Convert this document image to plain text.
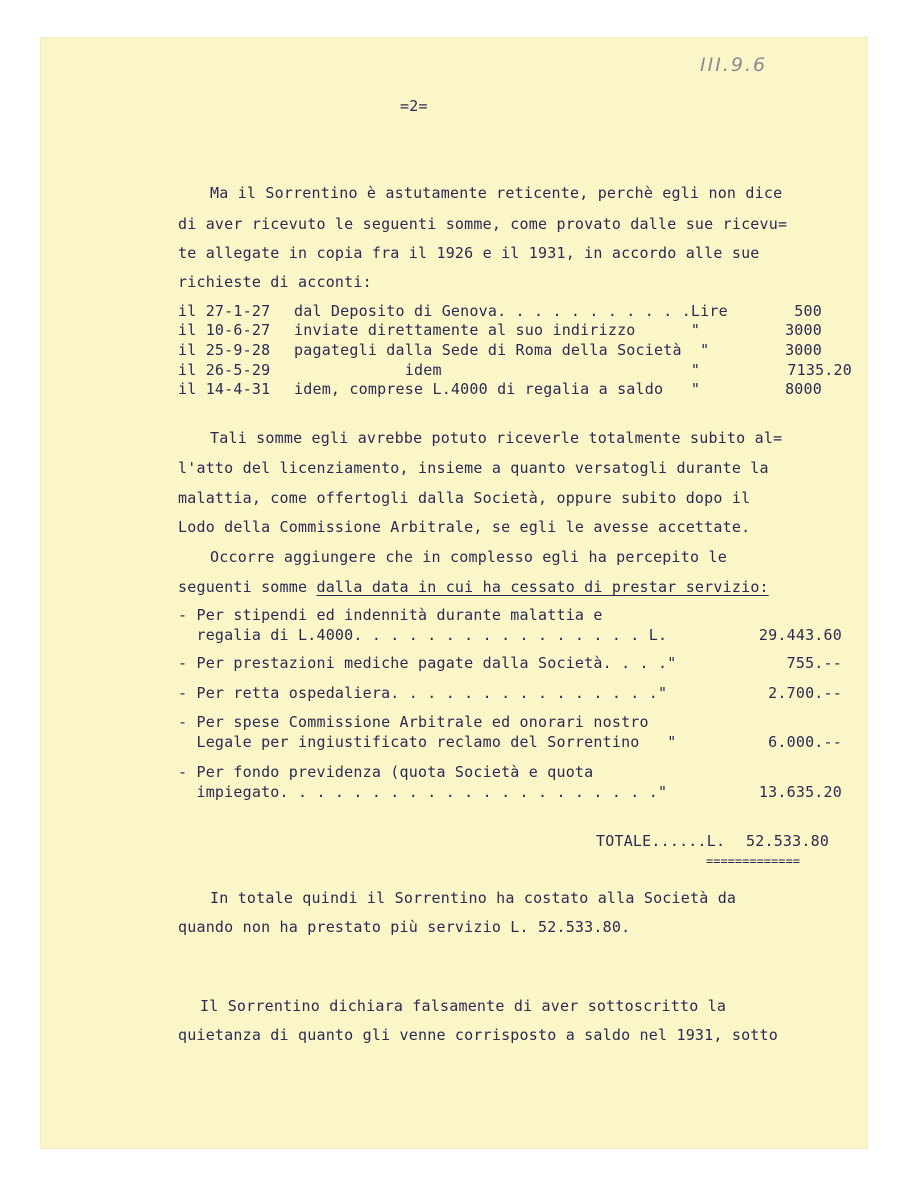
III.9.6
=2=
Ma il Sorrentino è astutamente reticente, perchè egli non dice
di aver ricevuto le seguenti somme, come provato dalle sue ricevu=
te allegate in copia fra il 1926 e il 1931, in accordo alle sue
richieste di acconti:
il 27-1-27 dal Deposito di Genova. . . . . . . . . . .Lire	500
il 10-6-27 inviate direttamente al suo indirizzo      "	3000
il 25-9-28 pagategli dalla Sede di Roma della Società  "	3000
il 26-5-29 idem                           "	7135.20
il 14-4-31 idem, comprese L.4000 di regalia a saldo   "	8000
Tali somme egli avrebbe potuto riceverle totalmente subito al=
l'atto del licenziamento, insieme a quanto versatogli durante la
malattia, come offertogli dalla Società, oppure subito dopo il
Lodo della Commissione Arbitrale, se egli le avesse accettate.
Occorre aggiungere che in complesso egli ha percepito le
seguenti somme dalla data in cui ha cessato di prestar servizio:
- Per stipendi ed indennità durante malattia e
regalia di L.4000. . . . . . . . . . . . . . . . L.	29.443.60
- Per prestazioni mediche pagate dalla Società. . . ."	755.--
- Per retta ospedaliera. . . . . . . . . . . . . . ."	2.700.--
- Per spese Commissione Arbitrale ed onorari nostro
Legale per ingiustificato reclamo del Sorrentino   "	6.000.--
- Per fondo previdenza (quota Società e quota
impiegato. . . . . . . . . . . . . . . . . . . . ."	13.635.20
TOTALE......L. 52.533.80
=============
In totale quindi il Sorrentino ha costato alla Società da
quando non ha prestato più servizio L. 52.533.80.
Il Sorrentino dichiara falsamente di aver sottoscritto la
quietanza di quanto gli venne corrisposto a saldo nel 1931, sotto
